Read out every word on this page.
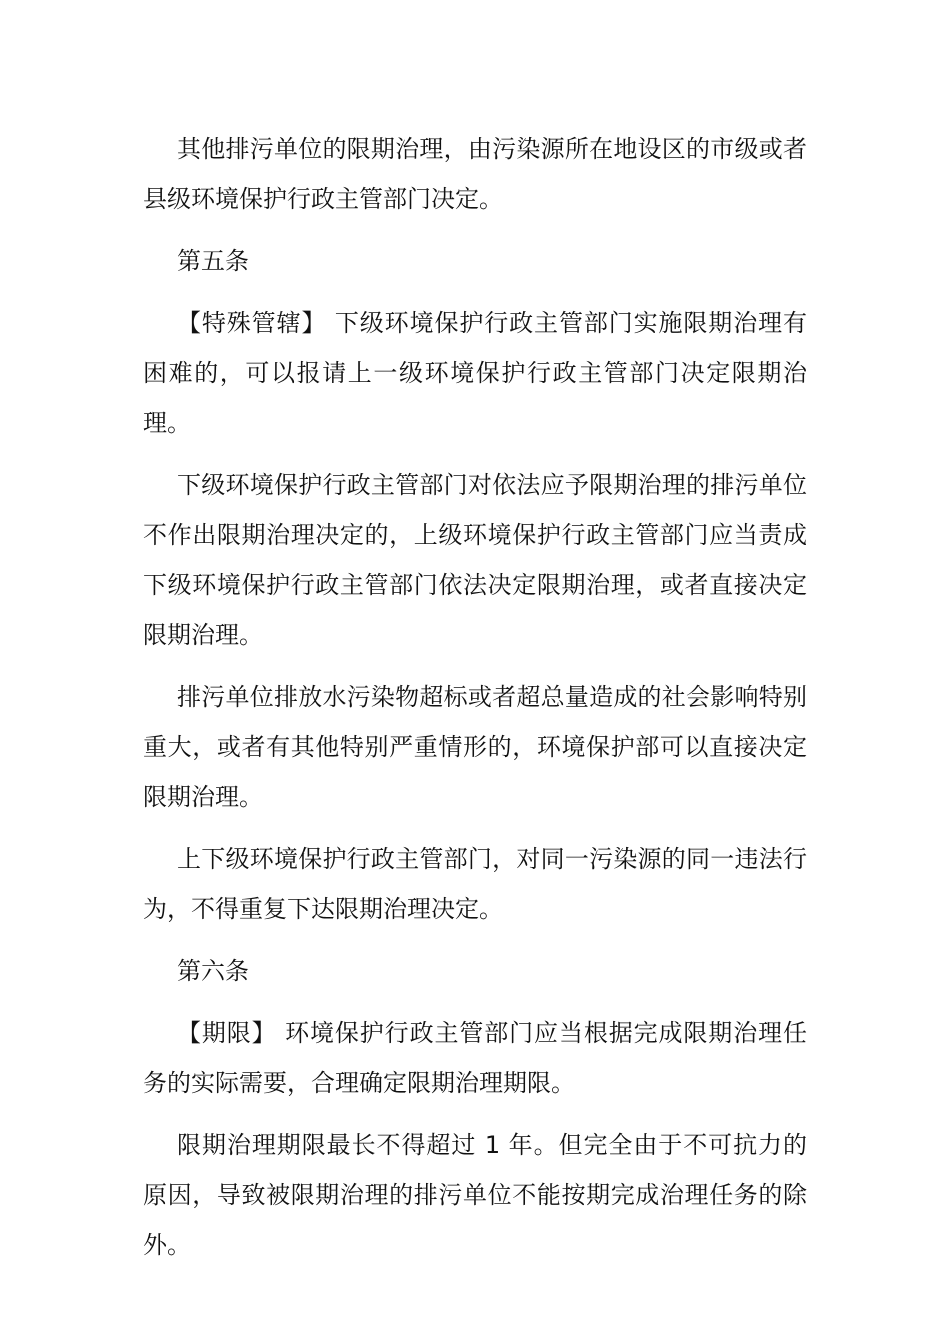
其他排污单位的限期治理，由污染源所在地设区的市级或者县级环境保护行政主管部门决定。

第五条

【特殊管辖】 下级环境保护行政主管部门实施限期治理有困难的，可以报请上一级环境保护行政主管部门决定限期治理。

下级环境保护行政主管部门对依法应予限期治理的排污单位不作出限期治理决定的，上级环境保护行政主管部门应当责成下级环境保护行政主管部门依法决定限期治理，或者直接决定限期治理。

排污单位排放水污染物超标或者超总量造成的社会影响特别重大，或者有其他特别严重情形的，环境保护部可以直接决定限期治理。

上下级环境保护行政主管部门，对同一污染源的同一违法行为，不得重复下达限期治理决定。

第六条

【期限】 环境保护行政主管部门应当根据完成限期治理任务的实际需要，合理确定限期治理期限。

限期治理期限最长不得超过 1 年。但完全由于不可抗力的原因，导致被限期治理的排污单位不能按期完成治理任务的除外。
